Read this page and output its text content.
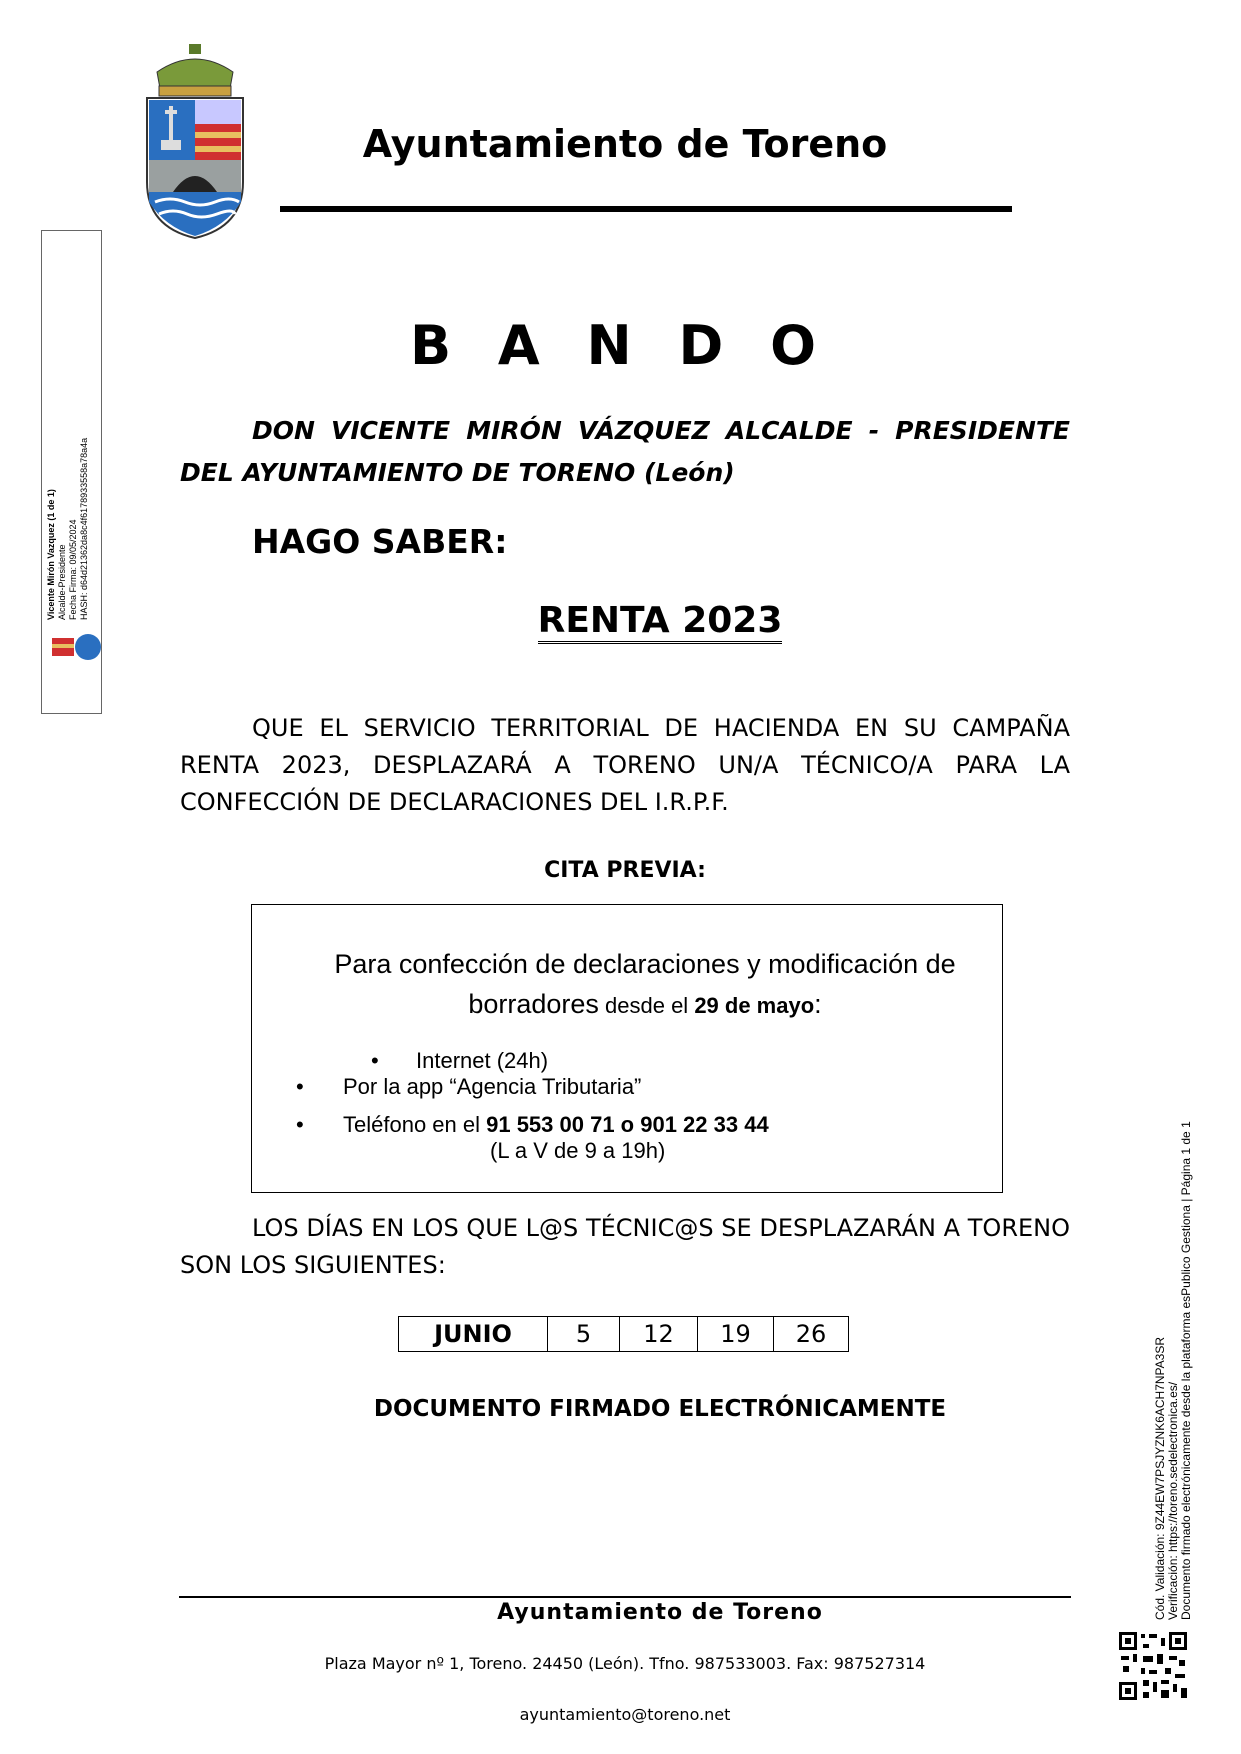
Ayuntamiento de Toreno
Vicente Mirón Vazquez (1 de 1) Alcalde-Presidente Fecha Firma: 09/05/2024 HASH: d64d21362da8c4f6178933558a78a4a
B A N D O
DON VICENTE MIRÓN VÁZQUEZ ALCALDE - PRESIDENTE DEL AYUNTAMIENTO DE TORENO (León)
HAGO SABER:
RENTA 2023
QUE EL SERVICIO TERRITORIAL DE HACIENDA EN SU CAMPAÑA RENTA 2023, DESPLAZARÁ A TORENO UN/A TÉCNICO/A PARA LA CONFECCIÓN DE DECLARACIONES DEL I.R.P.F.
CITA PREVIA:
Para confección de declaraciones y modificación de borradores desde el 29 de mayo:
• Internet (24h)
• Por la app “Agencia Tributaria”
• Teléfono en el 91 553 00 71 o 901 22 33 44
(L a V de 9 a 19h)
LOS DÍAS EN LOS QUE L@S TÉCNIC@S SE DESPLAZARÁN A TORENO SON LOS SIGUIENTES:
JUNIO	5	12	19	26
DOCUMENTO FIRMADO ELECTRÓNICAMENTE	Cód. Validación: 9Z44EW7PSJYZNK6ACH7NPA3SR Verificación: https://toreno.sedelectronica.es/ Documento firmado electrónicamente desde la plataforma esPublico Gestiona | Página 1 de 1
Ayuntamiento de Toreno
Plaza Mayor nº 1, Toreno. 24450 (León). Tfno. 987533003. Fax: 987527314
ayuntamiento@toreno.net
